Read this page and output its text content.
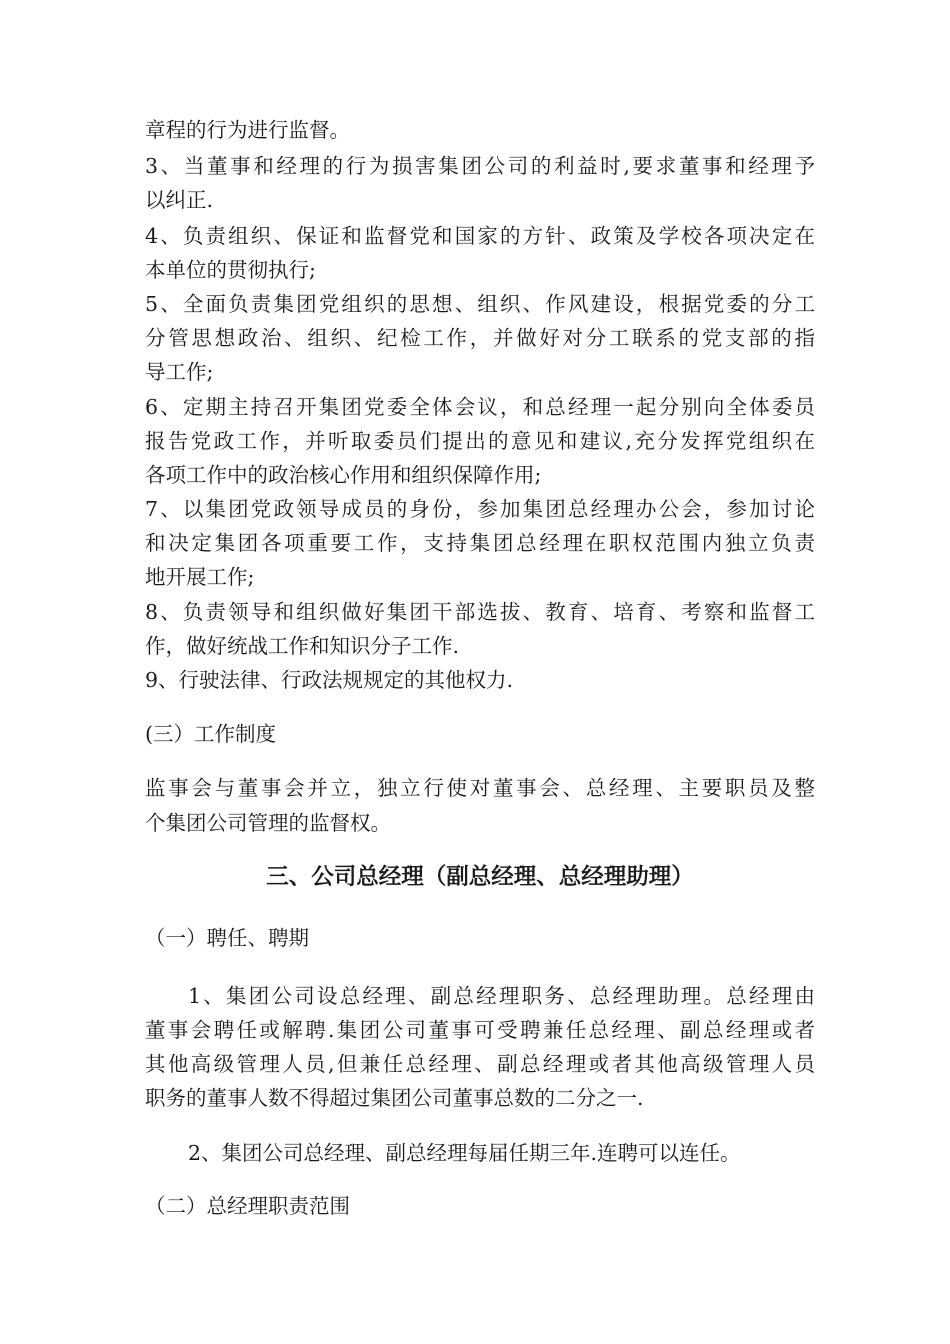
章程的行为进行监督。
3、当董事和经理的行为损害集团公司的利益时,要求董事和经理予
以纠正.
4、负责组织、保证和监督党和国家的方针、政策及学校各项决定在
本单位的贯彻执行;
5、全面负责集团党组织的思想、组织、作风建设，根据党委的分工
分管思想政治、组织、纪检工作，并做好对分工联系的党支部的指
导工作;
6、定期主持召开集团党委全体会议，和总经理一起分别向全体委员
报告党政工作，并听取委员们提出的意见和建议,充分发挥党组织在
各项工作中的政治核心作用和组织保障作用;
7、以集团党政领导成员的身份，参加集团总经理办公会，参加讨论
和决定集团各项重要工作，支持集团总经理在职权范围内独立负责
地开展工作;
8、负责领导和组织做好集团干部选拔、教育、培育、考察和监督工
作，做好统战工作和知识分子工作.
9、行驶法律、行政法规规定的其他权力.
(三）工作制度
监事会与董事会并立，独立行使对董事会、总经理、主要职员及整
个集团公司管理的监督权。
三、公司总经理（副总经理、总经理助理）
（一）聘任、聘期
1、集团公司设总经理、副总经理职务、总经理助理。总经理由
董事会聘任或解聘.集团公司董事可受聘兼任总经理、副总经理或者
其他高级管理人员,但兼任总经理、副总经理或者其他高级管理人员
职务的董事人数不得超过集团公司董事总数的二分之一.
2、集团公司总经理、副总经理每届任期三年.连聘可以连任。
（二）总经理职责范围
